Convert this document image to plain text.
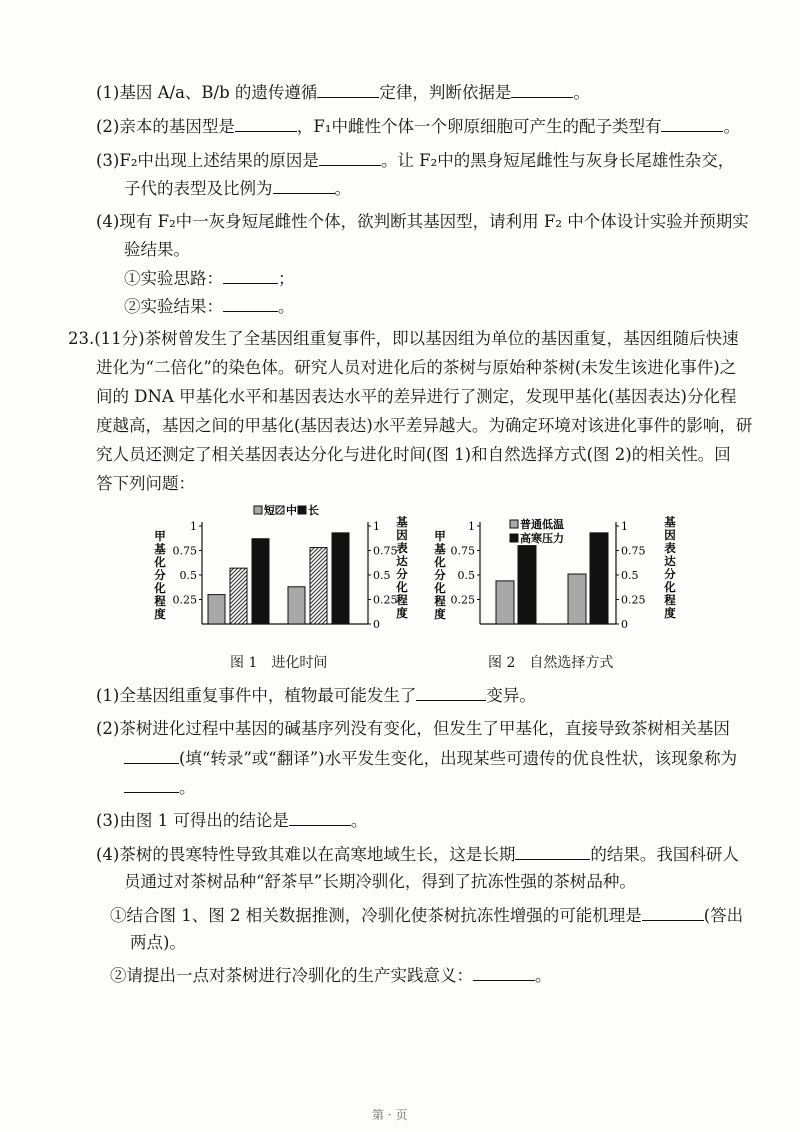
(1)基因 A/a、B/b 的遗传遵循	定律，判断依据是	。
(2)亲本的基因型是	，F₁中雌性个体一个卵原细胞可产生的配子类型有	。
(3)F₂中出现上述结果的原因是	。让 F₂中的黑身短尾雌性与灰身长尾雄性杂交，
子代的表型及比例为	。
(4)现有 F₂中一灰身短尾雌性个体，欲判断其基因型，请利用 F₂ 中个体设计实验并预期实
验结果。
①实验思路：	；
②实验结果：	。
23.(11分)茶树曾发生了全基因组重复事件，即以基因组为单位的基因重复，基因组随后快速
进化为“二倍化”的染色体。研究人员对进化后的茶树与原始种茶树(未发生该进化事件)之
间的 DNA 甲基化水平和基因表达水平的差异进行了测定，发现甲基化(基因表达)分化程
度越高，基因之间的甲基化(基因表达)水平差异越大。为确定环境对该进化事件的影响，研
究人员还测定了相关基因表达分化与进化时间(图 1)和自然选择方式(图 2)的相关性。回
答下列问题：
甲
基
化
分
化
程
度
基
因
表
达
分
化
程
度
0.25
0.5
0.75
1
0
0.25
0.5
0.75
1
短 中 长
图 1　进化时间
甲
基
化
分
化
程
度
基
因
表
达
分
化
程
度
0.25
0.5
0.75
1
0
0.25
0.5
0.75
1
普通低温
高寒压力
图 2　自然选择方式
(1)全基因组重复事件中，植物最可能发生了	变异。
(2)茶树进化过程中基因的碱基序列没有变化，但发生了甲基化，直接导致茶树相关基因
(填“转录”或“翻译”)水平发生变化，出现某些可遗传的优良性状，该现象称为
。
(3)由图 1 可得出的结论是	。
(4)茶树的畏寒特性导致其难以在高寒地域生长，这是长期	的结果。我国科研人
员通过对茶树品种“舒茶早”长期冷驯化，得到了抗冻性强的茶树品种。
①结合图 1、图 2 相关数据推测，冷驯化使茶树抗冻性增强的可能机理是	(答出
两点)。
②请提出一点对茶树进行冷驯化的生产实践意义：	。
第 · 页
